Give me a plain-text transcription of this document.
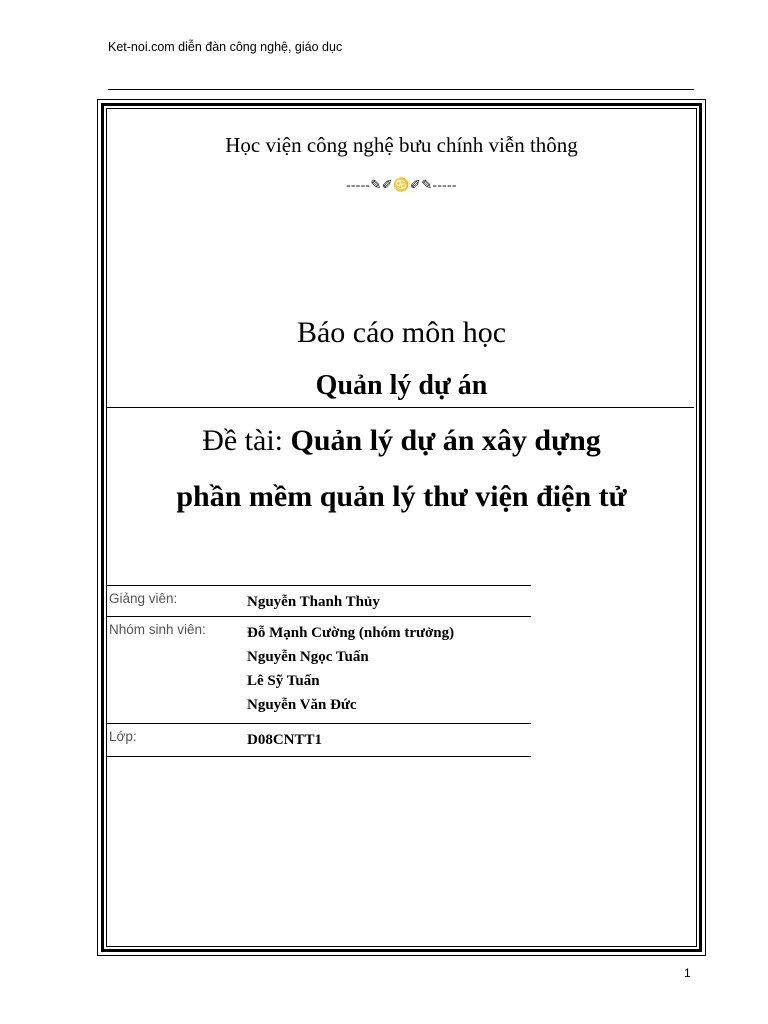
Ket-noi.com diễn đàn công nghệ, giáo dục
Học viện công nghệ bưu chính viễn thông
-----✎✐♋✐✎-----
Báo cáo môn học
Quản lý dự án
Đề tài: Quản lý dự án xây dựng
phần mềm quản lý thư viện điện tử
Giảng viên:	Nguyễn Thanh Thủy
Nhóm sinh viên:	Đỗ Mạnh Cường (nhóm trưởng)
Nguyễn Ngọc Tuấn
Lê Sỹ Tuấn
Nguyễn Văn Đức
Lớp:	D08CNTT1
1
